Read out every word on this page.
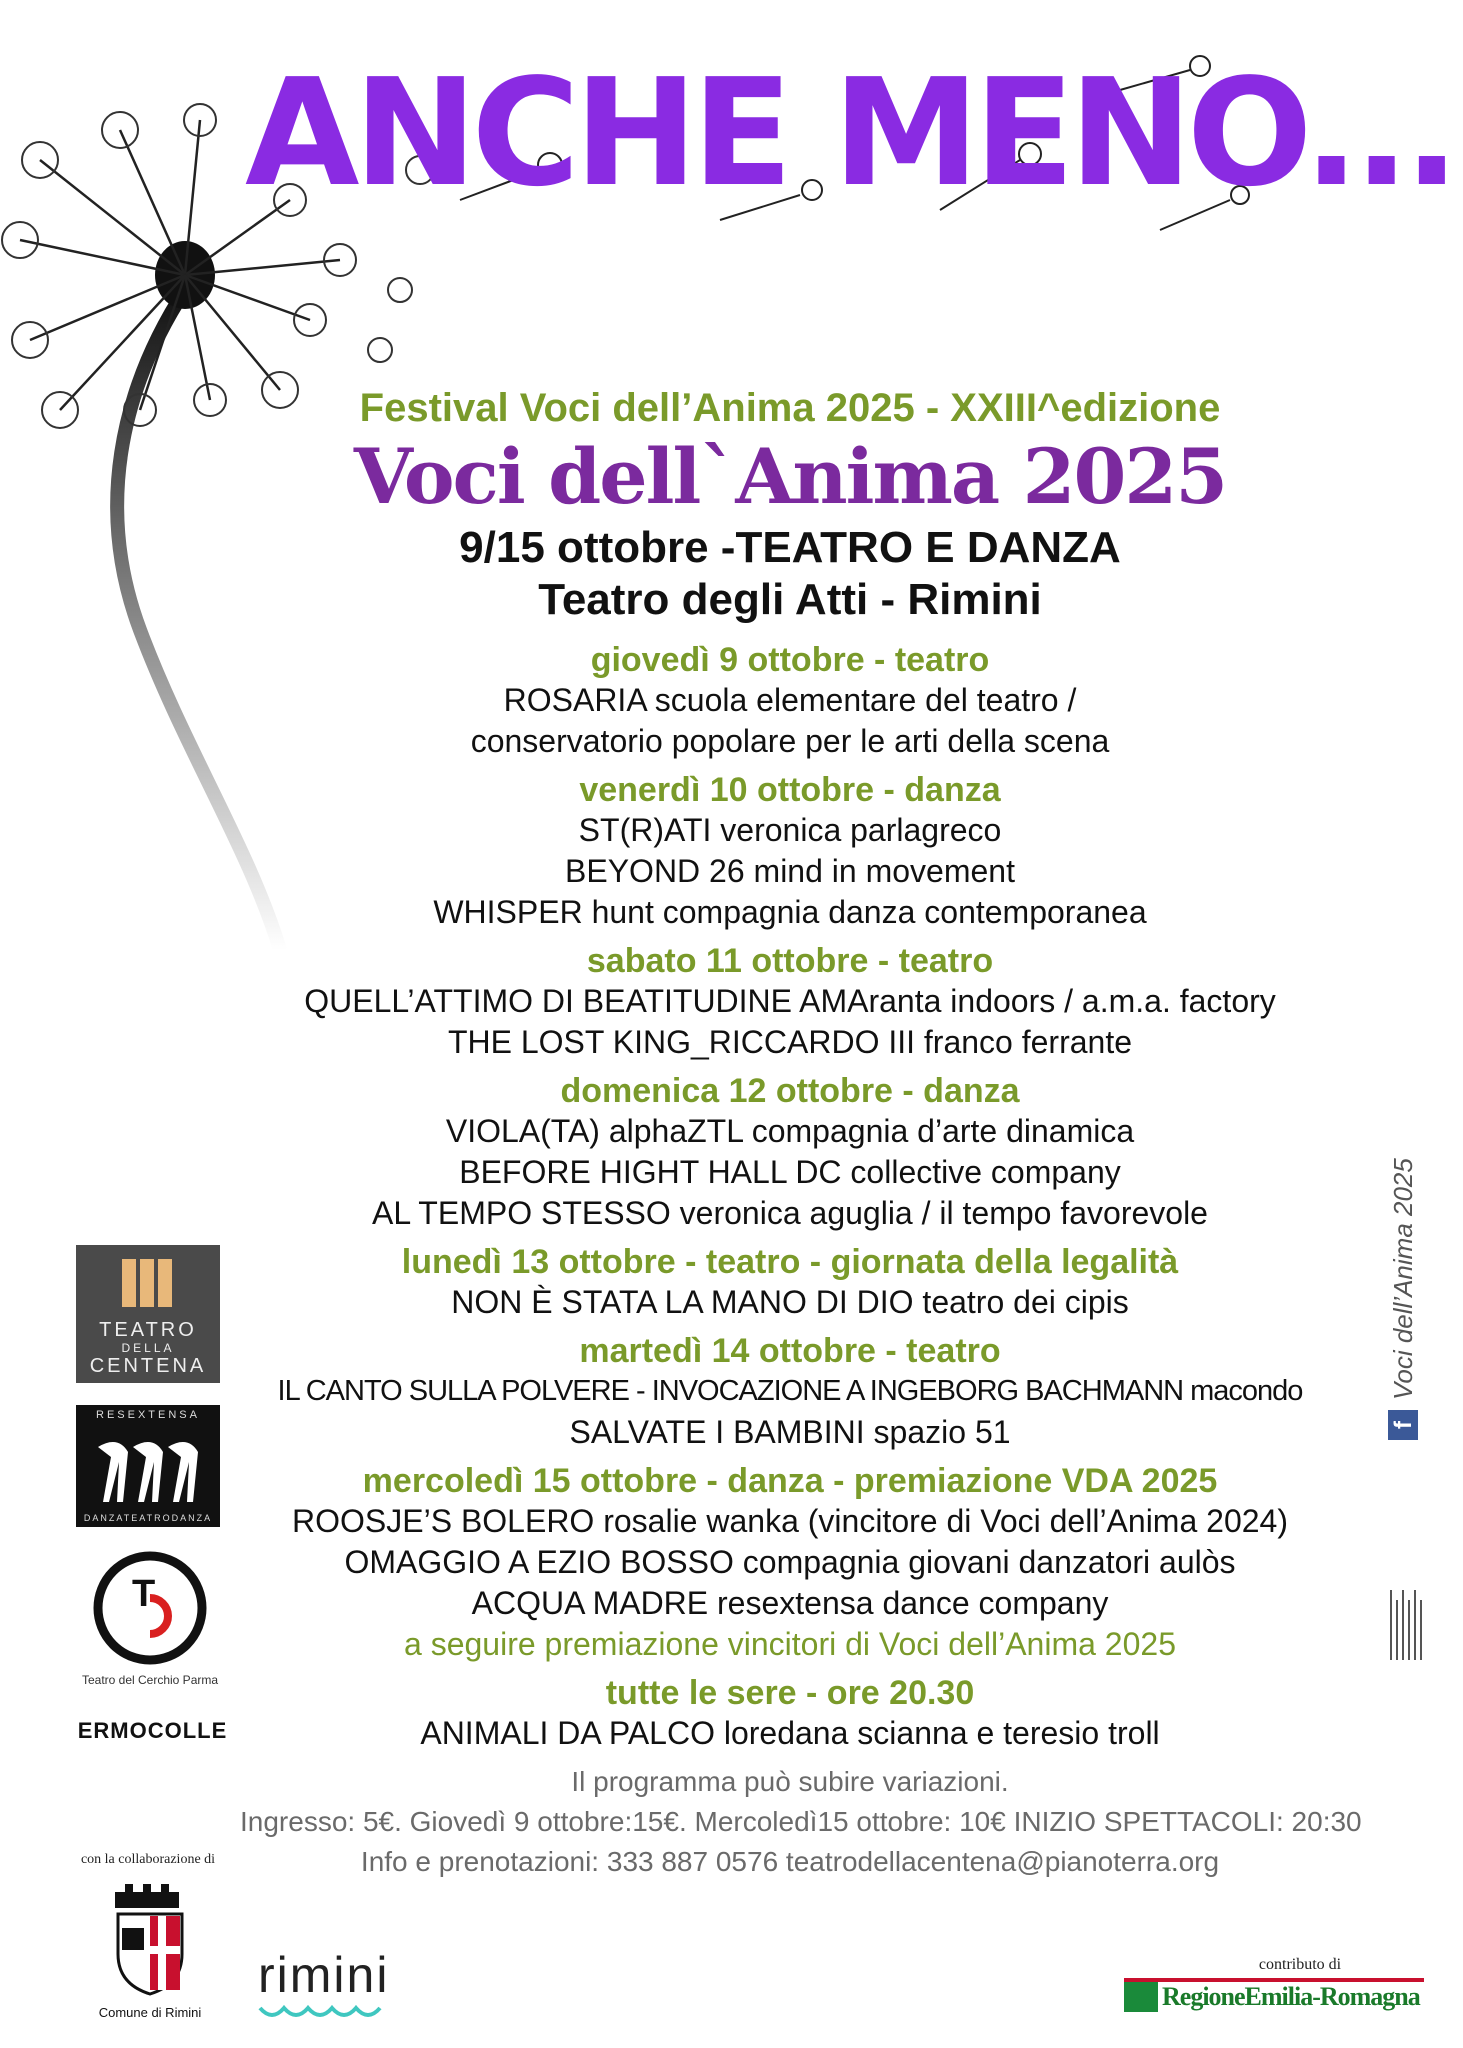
ANCHE MENO...
Festival Voci dell’Anima 2025 - XXIII^edizione
Voci dell`Anima 2025
9/15 ottobre -TEATRO E DANZA
Teatro degli Atti - Rimini
giovedì 9 ottobre - teatro
ROSARIA scuola elementare del teatro /
conservatorio popolare per le arti della scena
venerdì 10 ottobre - danza
ST(R)ATI veronica parlagreco
BEYOND 26 mind in movement
WHISPER hunt compagnia danza contemporanea
sabato 11 ottobre - teatro
QUELL’ATTIMO DI BEATITUDINE AMAranta indoors / a.m.a. factory
THE LOST KING_RICCARDO III franco ferrante
domenica 12 ottobre - danza
VIOLA(TA) alphaZTL compagnia d’arte dinamica
BEFORE HIGHT HALL DC collective company
AL TEMPO STESSO veronica aguglia / il tempo favorevole
lunedì 13 ottobre - teatro - giornata della legalità
NON È STATA LA MANO DI DIO teatro dei cipis
martedì 14 ottobre - teatro
IL CANTO SULLA POLVERE - INVOCAZIONE A INGEBORG BACHMANN macondo
SALVATE I BAMBINI spazio 51
mercoledì 15 ottobre - danza - premiazione VDA 2025
ROOSJE’S BOLERO rosalie wanka (vincitore di Voci dell’Anima 2024)
OMAGGIO A EZIO BOSSO compagnia giovani danzatori aulòs
ACQUA MADRE resextensa dance company
a seguire premiazione vincitori di Voci dell’Anima 2025
tutte le sere - ore 20.30
ANIMALI DA PALCO loredana scianna e teresio troll
Il programma può subire variazioni.
Ingresso: 5€. Giovedì 9 ottobre:15€. Mercoledì15 ottobre: 10€ INIZIO SPETTACOLI: 20:30
Info e prenotazioni: 333 887 0576 teatrodellacentena@pianoterra.org
f
Voci dell’Anima 2025
TEATRO
DELLA
CENTENA
RESEXTENSA
DANZATEATRODANZA
T
Teatro del Cerchio Parma
ERMOCOLLE
con la collaborazione di
Comune di Rimini
rimini	contributo di
RegioneEmilia-Romagna
